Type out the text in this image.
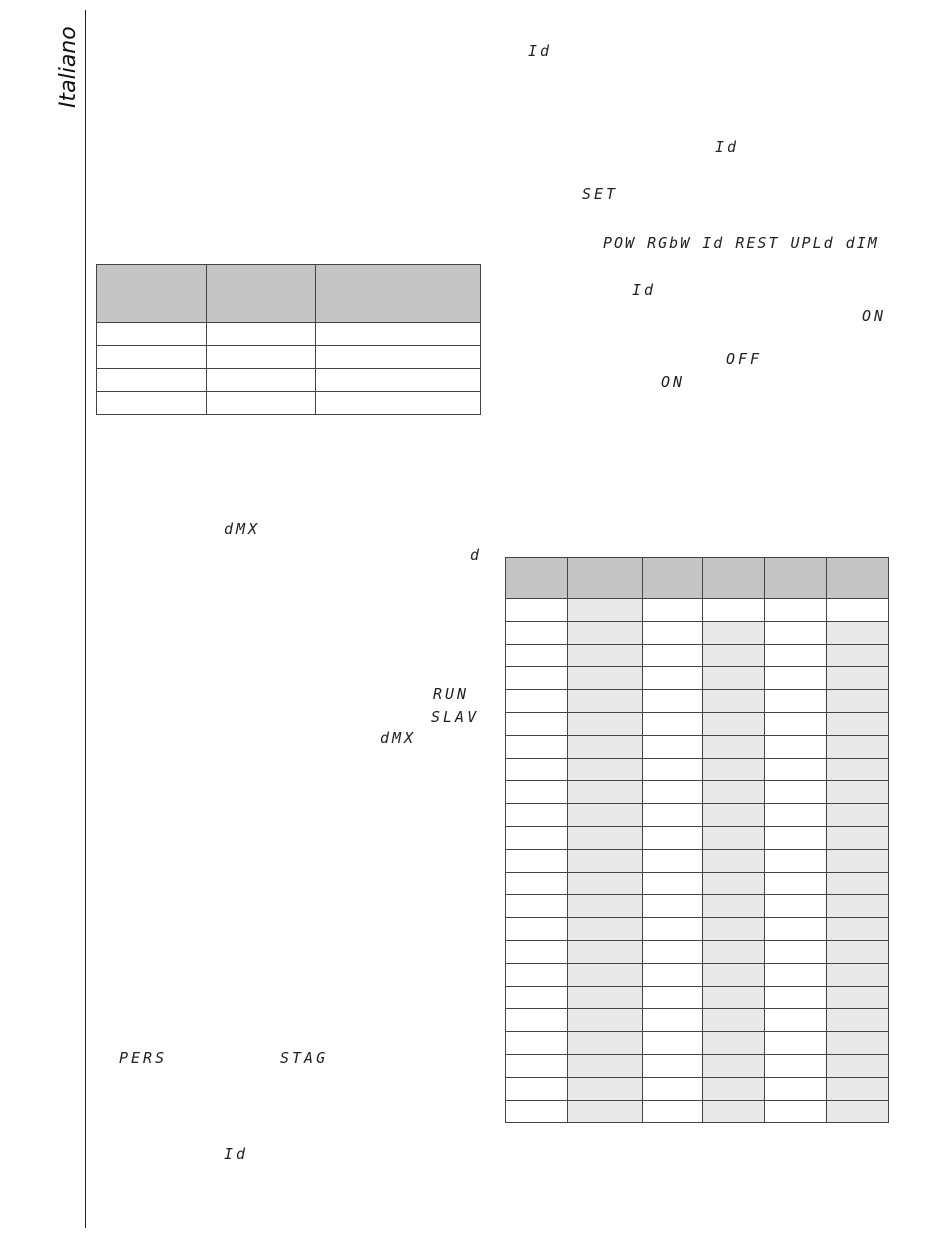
Italiano	Id
Id
SET
POW RGbW Id REST UPLd dIM
Id
ON
OFF
ON
dMX
d
RUN
SLAV
dMX
PERS	STAG
Id
